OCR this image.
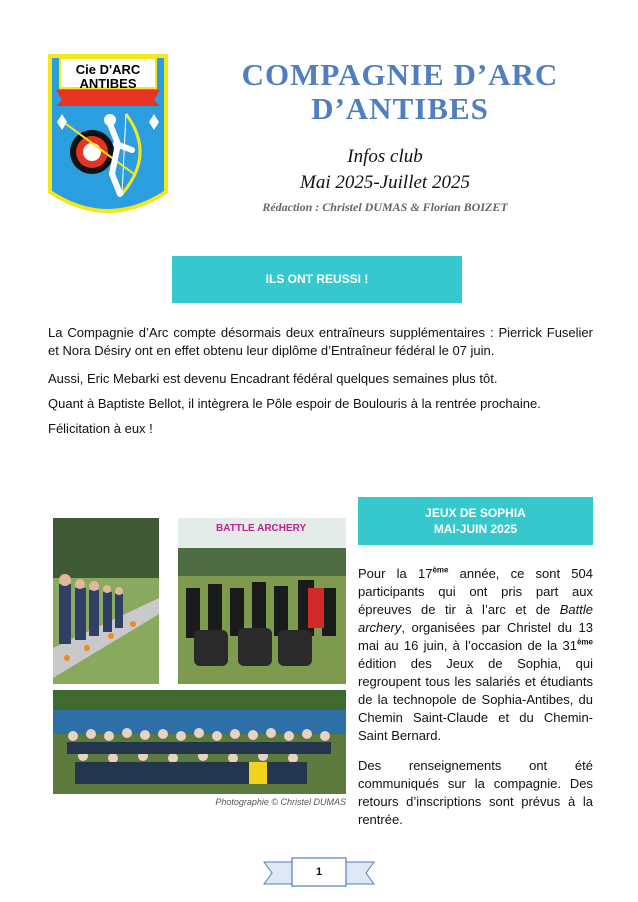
Cie D'ARC
ANTIBES	COMPAGNIE D’ARC
D’ANTIBES
Infos club
Mai 2025-Juillet 2025
Rédaction : Christel DUMAS & Florian BOIZET
ILS ONT REUSSI !
La Compagnie d’Arc compte désormais deux entraîneurs supplémentaires : Pierrick Fuselier et Nora Désiry ont en effet obtenu leur diplôme d’Entraîneur fédéral le 07 juin.
Aussi, Eric Mebarki est devenu Encadrant fédéral quelques semaines plus tôt.
Quant à Baptiste Bellot, il intègrera le Pôle espoir de Boulouris à la rentrée prochaine.
Félicitation à eux !
BATTLE ARCHERY
Photographie © Christel DUMAS
JEUX DE SOPHIA
MAI-JUIN 2025
Pour la 17ème année, ce sont 504 participants qui ont pris part aux épreuves de tir à l’arc et de Battle archery, organisées par Christel du 13 mai au 16 juin, à l’occasion de la 31ème édition des Jeux de Sophia, qui regroupent tous les salariés et étudiants de la technopole de Sophia-Antibes, du Chemin Saint-Claude et du Chemin-Saint Bernard.
Des renseignements ont été communiqués sur la compagnie. Des retours d’inscriptions sont prévus à la rentrée.
1
